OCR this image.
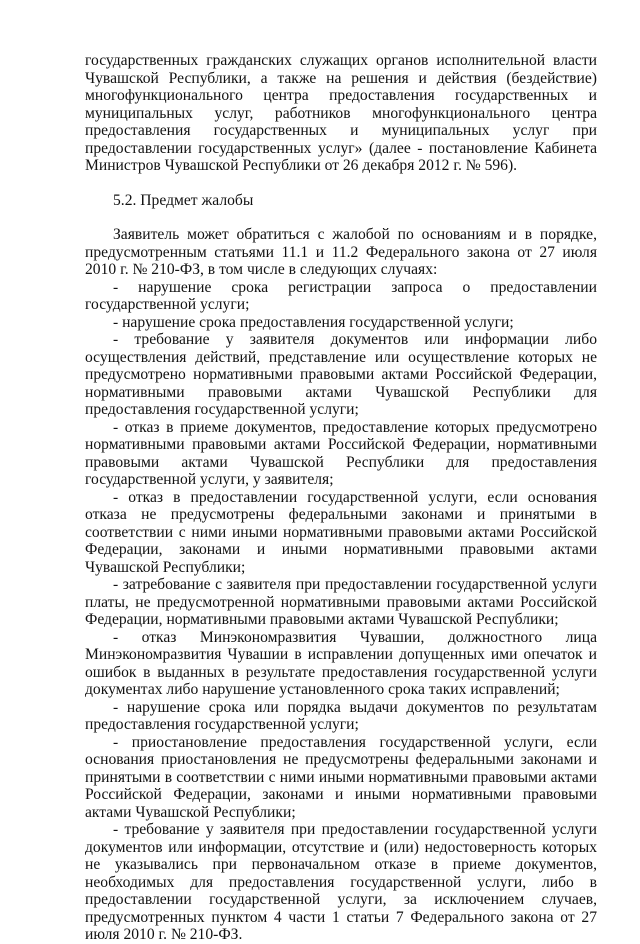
государственных гражданских служащих органов исполнительной власти Чувашской Республики, а также на решения и действия (бездействие) многофункционального центра предоставления государственных и муниципальных услуг, работников многофункционального центра предоставления государственных и муниципальных услуг при предоставлении государственных услуг» (далее - постановление Кабинета Министров Чувашской Республики от 26 декабря 2012 г. № 596).

5.2. Предмет жалобы

Заявитель может обратиться с жалобой по основаниям и в порядке, предусмотренным статьями 11.1 и 11.2 Федерального закона от 27 июля 2010 г. № 210-ФЗ, в том числе в следующих случаях:

- нарушение срока регистрации запроса о предоставлении государственной услуги;

- нарушение срока предоставления государственной услуги;

- требование у заявителя документов или информации либо осуществления действий, представление или осуществление которых не предусмотрено нормативными правовыми актами Российской Федерации, нормативными правовыми актами Чувашской Республики для предоставления государственной услуги;

- отказ в приеме документов, предоставление которых предусмотрено нормативными правовыми актами Российской Федерации, нормативными правовыми актами Чувашской Республики для предоставления государственной услуги, у заявителя;

- отказ в предоставлении государственной услуги, если основания отказа не предусмотрены федеральными законами и принятыми в соответствии с ними иными нормативными правовыми актами Российской Федерации, законами и иными нормативными правовыми актами Чувашской Республики;

- затребование с заявителя при предоставлении государственной услуги платы, не предусмотренной нормативными правовыми актами Российской Федерации, нормативными правовыми актами Чувашской Республики;

- отказ Минэкономразвития Чувашии, должностного лица Минэкономразвития Чувашии в исправлении допущенных ими опечаток и ошибок в выданных в результате предоставления государственной услуги документах либо нарушение установленного срока таких исправлений;

- нарушение срока или порядка выдачи документов по результатам предоставления государственной услуги;

- приостановление предоставления государственной услуги, если основания приостановления не предусмотрены федеральными законами и принятыми в соответствии с ними иными нормативными правовыми актами Российской Федерации, законами и иными нормативными правовыми актами Чувашской Республики;

- требование у заявителя при предоставлении государственной услуги документов или информации, отсутствие и (или) недостоверность которых не указывались при первоначальном отказе в приеме документов, необходимых для предоставления государственной услуги, либо в предоставлении государственной услуги, за исключением случаев, предусмотренных пунктом 4 части 1 статьи 7 Федерального закона от 27 июля 2010 г. № 210-ФЗ.
